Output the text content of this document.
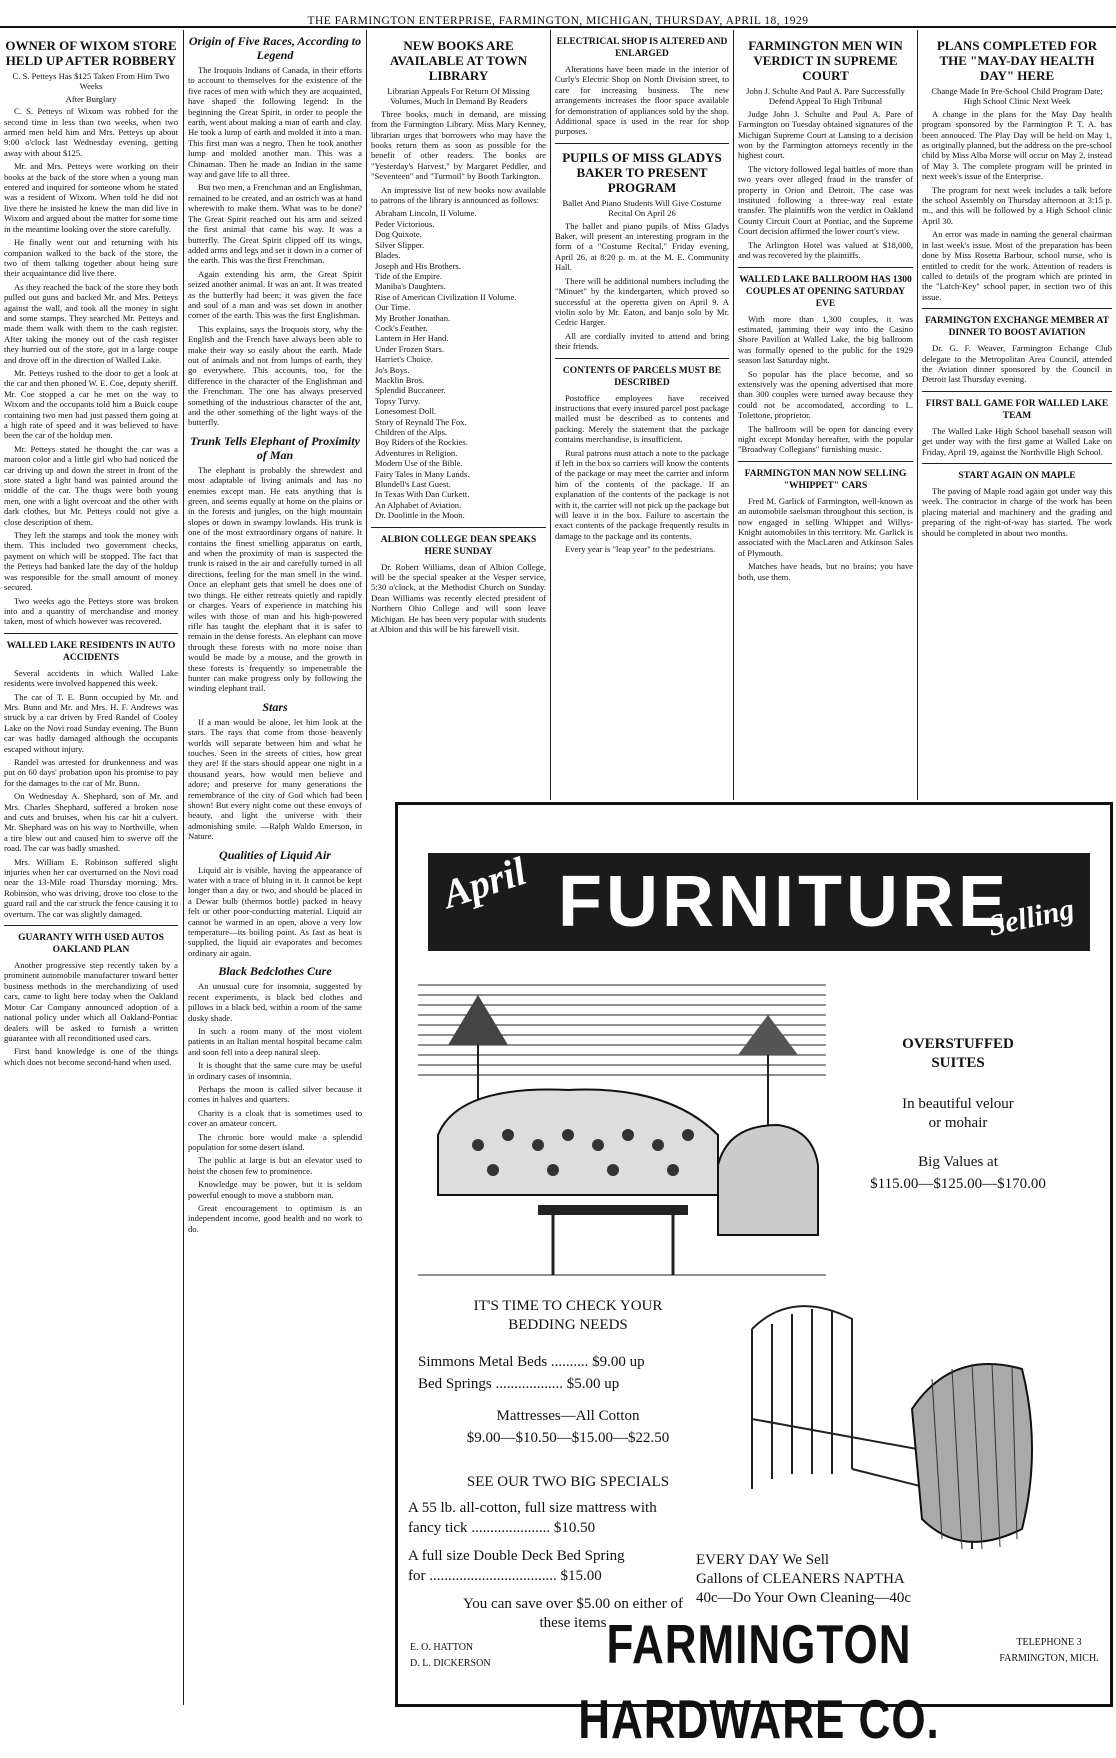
THE FARMINGTON ENTERPRISE, FARMINGTON, MICHIGAN, THURSDAY, APRIL 18, 1929
OWNER OF WIXOM STORE HELD UP AFTER ROBBERY
C. S. Petteys Has $125 Taken From Him Two Weeks
After Burglary

C. S. Petteys of Wixom was robbed for the second time in less than two weeks, when two armed men held him and Mrs. Petteys up about 9:00 o'clock last Wednesday evening, getting away with about $125.

Mr. and Mrs. Petteys were working on their books at the back of the store when a young man entered and inquired for someone whom he stated was a resident of Wixom. When told he did not live there he insisted he knew the man did live in Wixom and argued about the matter for some time in the meantime looking over the store carefully.

He finally went out and returning with his companion walked to the back of the store, the two of them talking together about being sure their acquaintance did live there.

As they reached the back of the store they both pulled out guns and backed Mr. and Mrs. Petteys against the wall, and took all the money in sight and some stamps. They searched Mr. Petteys and made them walk with them to the cash register. After taking the money out of the cash register they hurried out of the store, got in a large coupe and drove off in the direction of Walled Lake.

Mr. Petteys rushed to the door to get a look at the car and then phoned W. E. Coe, deputy sheriff. Mr. Coe stopped a car he met on the way to Wixom and the occupants told him a Buick coupe containing two men had just passed them going at a high rate of speed and it was believed to have been the car of the holdup men.

Mr. Petteys stated he thought the car was a maroon color and a little girl who had noticed the car driving up and down the street in front of the store stated a light band was painted around the middle of the car. The thugs were both young men, one with a light overcoat and the other with dark clothes, but Mr. Petteys could not give a close description of them.

They left the stamps and took the money with them. This included two government checks, payment on which will be stopped. The fact that the Petteys had banked late the day of the holdup was responsible for the small amount of money secured.

Two weeks ago the Petteys store was broken into and a quantity of merchandise and money taken, most of which however was recovered.

WALLED LAKE RESIDENTS IN AUTO ACCIDENTS

Several accidents in which Walled Lake residents were involved happened this week.

The car of T. E. Bunn occupied by Mr. and Mrs. Bunn and Mr. and Mrs. H. F. Andrews was struck by a car driven by Fred Randel of Cooley Lake on the Novi road Sunday evening. The Bunn car was badly damaged although the occupants escaped without injury.

Randel was arrested for drunkenness and was put on 60 days' probation upon his promise to pay for the damages to the car of Mr. Bunn.

On Wednesday A. Shephard, son of Mr. and Mrs. Charles Shephard, suffered a broken nose and cuts and bruises, when his car hit a culvert. Mr. Shephard was on his way to Northville, when a tire blew out and caused him to swerve off the road. The car was badly smashed.

Mrs. William E. Robinson suffered slight injuries when her car overturned on the Novi road near the 13-Mile road Thursday morning. Mrs. Robinson, who was driving, drove too close to the guard rail and the car struck the fence causing it to overturn. The car was slightly damaged.

GUARANTY WITH USED AUTOS OAKLAND PLAN

Another progressive step recently taken by a prominent automobile manufacturer toward better business methods in the merchandizing of used cars, came to light here today when the Oakland Motor Car Company announced adoption of a national policy under which all Oakland-Pontiac dealers will be asked to furnish a written guarantee with all reconditioned used cars.

First hand knowledge is one of the things which does not become second-hand when used.

Origin of Five Races, According to Legend

The Iroquois Indians of Canada, in their efforts to account to themselves for the existence of the five races of men with which they are acquainted, have shaped the following legend: In the beginning the Great Spirit, in order to people the earth, went about making a man of earth and clay. He took a lump of earth and molded it into a man. This first man was a negro. Then he took another lump and molded another man. This was a Chinaman. Then he made an Indian in the same way and gave life to all three.

But two men, a Frenchman and an Englishman, remained to be created, and an ostrich was at hand wherewith to make them. What was to be done? The Great Spirit reached out his arm and seized the first animal that came his way. It was a butterfly. The Great Spirit clipped off its wings, added arms and legs and set it down in a corner of the earth. This was the first Frenchman.

Again extending his arm, the Great Spirit seized another animal. It was an ant. It was treated as the butterfly had been; it was given the face and soul of a man and was set down in another corner of the earth. This was the first Englishman.

This explains, says the Iroquois story, why the English and the French have always been able to make their way so easily about the earth. Made out of animals and not from lumps of earth, they go everywhere. This accounts, too, for the difference in the character of the Englishman and the Frenchman. The one has always preserved something of the industrious character of the ant, and the other something of the light ways of the butterfly.

Trunk Tells Elephant of Proximity of Man

The elephant is probably the shrewdest and most adaptable of living animals and has no enemies except man. He eats anything that is green, and seems equally at home on the plains or in the forests and jungles, on the high mountain slopes or down in swampy lowlands. His trunk is one of the most extraordinary organs of nature. It contains the finest smelling apparatus on earth, and when the proximity of man is suspected the trunk is raised in the air and carefully turned in all directions, feeling for the man smell in the wind. Once an elephant gets that smell he does one of two things. He either retreats quietly and rapidly or charges. Years of experience in matching his wiles with those of man and his high-powered rifle has taught the elephant that it is safer to remain in the dense forests. An elephant can move through these forests with no more noise than would be made by a mouse, and the growth in these forests is frequently so impenetrable the hunter can make progress only by following the winding elephant trail.

Stars

If a man would be alone, let him look at the stars. The rays that come from those heavenly worlds will separate between him and what he touches. Seen in the streets of cities, how great they are! If the stars should appear one night in a thousand years, how would men believe and adore; and preserve for many generations the remembrance of the city of God which had been shown! But every night come out these envoys of beauty, and light the universe with their admonishing smile. —Ralph Waldo Emerson, in Nature.

Qualities of Liquid Air

Liquid air is visible, having the appearance of water with a trace of bluing in it. It cannot be kept longer than a day or two, and should be placed in a Dewar bulb (thermos bottle) packed in heavy felt or other poor-conducting material. Liquid air cannot be warmed in an open, above a very low temperature—its boiling point. As fast as heat is supplied, the liquid air evaporates and becomes ordinary air again.

Black Bedclothes Cure

An unusual cure for insomnia, suggested by recent experiments, is black bed clothes and pillows in a black bed, within a room of the same dusky shade.

In such a room many of the most violent patients in an Italian mental hospital became calm and soon fell into a deep natural sleep.

It is thought that the same cure may be useful in ordinary cases of insomnia.

Perhaps the moon is called silver because it comes in halves and quarters.

Charity is a cloak that is sometimes used to cover an amateur concert.

The chronic bore would make a splendid population for some desert island.

The public at large is but an elevator used to hoist the chosen few to prominence.

Knowledge may be power, but it is seldom powerful enough to move a stubborn man.

Great encouragement to optimism is an independent income, good health and no work to do.

NEW BOOKS ARE AVAILABLE AT TOWN LIBRARY
Librarian Appeals For Return Of Missing Volumes, Much In Demand By Readers

Three books, much in demand, are missing from the Farmington Library. Miss Mary Kenney, librarian urges that borrowers who may have the books return them as soon as possible for the benefit of other readers. The books are "Yesterday's Harvest," by Margaret Peddler, and "Seventeen" and "Turmoil" by Booth Tarkington.

An impressive list of new books now available to patrons of the library is announced as follows:

Abraham Lincoln, II Volume.
Peder Victorious.
Dog Quixote.
Silver Slipper.
Blades.
Joseph and His Brothers.
Tide of the Empire.
Maniba's Daughters.
Rise of American Civilization II Volume.
Our Time.
My Brother Jonathan.
Cock's Feather.
Lantern in Her Hand.
Under Frozen Stars.
Harriet's Choice.
Jo's Boys.
Macklin Bros.
Splendid Buccaneer.
Topsy Turvy.
Lonesomest Doll.
Story of Reynald The Fox.
Children of the Alps.
Boy Riders of the Rockies.
Adventures in Religion.
Modern Use of the Bible.
Fairy Tales in Many Lands.
Blundell's Last Guest.
In Texas With Dan Curkett.
An Alphabet of Aviation.
Dr. Doolittle in the Moon.
ALBION COLLEGE DEAN SPEAKS HERE SUNDAY

Dr. Robert Williams, dean of Albion College, will be the special speaker at the Vesper service, 5:30 o'clock, at the Methodist Church on Sunday. Dean Williams was recently elected president of Northern Ohio College and will soon leave Michigan. He has been very popular with students at Albion and this will be his farewell visit.

ELECTRICAL SHOP IS ALTERED AND ENLARGED

Alterations have been made in the interior of Curly's Electric Shop on North Division street, to care for increasing business. The new arrangements increases the floor space available for demonstration of appliances sold by the shop. Additional space is used in the rear for shop purposes.

PUPILS OF MISS GLADYS BAKER TO PRESENT PROGRAM
Ballet And Piano Students Will Give Costume Recital On April 26

The ballet and piano pupils of Miss Gladys Baker, will present an interesting program in the form of a "Costume Recital," Friday evening, April 26, at 8:20 p. m. at the M. E. Community Hall.

There will be additional numbers including the "Minuet" by the kindergarten, which proved so successful at the operetta given on April 9. A violin solo by Mr. Eaton, and banjo solo by Mr. Cedric Harger.

All are cordially invited to attend and bring their friends.

CONTENTS OF PARCELS MUST BE DESCRIBED

Postoffice employees have received instructions that every insured parcel post package mailed must be described as to contents and packing. Merely the statement that the package contains merchandise, is insufficient.

Rural patrons must attach a note to the package if left in the box so carriers will know the contents of the package or may meet the carrier and inform him of the contents of the package. If an explanation of the contents of the package is not with it, the carrier will not pick up the package but will leave it in the box. Failure to ascertain the exact contents of the package frequently results in damage to the package and its contents.

Every year is "leap year" to the pedestrians.

FARMINGTON MEN WIN VERDICT IN SUPREME COURT
John J. Schulte And Paul A. Pare Successfully Defend Appeal To High Tribunal

Judge John J. Schulte and Paul A. Pare of Farmington on Tuesday obtained signatures of the Michigan Supreme Court at Lansing to a decision won by the Farmington attorneys recently in the highest court.

The victory followed legal battles of more than two years over alleged fraud in the transfer of property in Orion and Detroit. The case was instituted following a three-way real estate transfer. The plaintiffs won the verdict in Oakland County Circuit Court at Pontiac, and the Supreme Court decision affirmed the lower court's view.

The Arlington Hotel was valued at $18,000, and was recovered by the plaintiffs.

WALLED LAKE BALLROOM HAS 1300 COUPLES AT OPENING SATURDAY EVE

With more than 1,300 couples, it was estimated, jamming their way into the Casino Shore Pavilion at Walled Lake, the big ballroom was formally opened to the public for the 1929 season last Saturday night.

So popular has the place become, and so extensively was the opening advertised that more than 300 couples were turned away because they could not be accomodated, according to L. Tolettone, proprietor.

The ballroom will be open for dancing every night except Monday hereafter, with the popular "Broadway Collegians" furnishing music.

FARMINGTON MAN NOW SELLING "WHIPPET" CARS

Fred M. Garlick of Farmington, well-known as an automobile saelsman throughout this section, is now engaged in selling Whippet and Willys-Knight automobiles in this territory. Mr. Garlick is associated with the MacLaren and Atkinson Sales of Plymouth.

Matches have heads, but no brains; you have both, use them.

PLANS COMPLETED FOR THE "MAY-DAY HEALTH DAY" HERE
Change Made In Pre-School Child Program Date; High School Clinic Next Week

A change in the plans for the May Day health program sponsored by the Farmington P. T. A. has been annouced. The Play Day will be held on May 1, as originally planned, but the address on the pre-school child by Miss Alba Morse will occur on May 2, instead of May 3. The complete program will be printed in next week's issue of the Enterprise.

The program for next week includes a talk before the school Assembly on Thursday afternoon at 3:15 p. m., and this will be followed by a High School clinic April 30.

An error was made in naming the general chairman in last week's issue. Most of the preparation has been done by Miss Rosetta Barbour, school nurse, who is entitled to credit for the work. Attention of readers is called to details of the program which are printed in the "Latch-Key" school paper, in section two of this issue.

FARMINGTON EXCHANGE MEMBER AT DINNER TO BOOST AVIATION

Dr. G. F. Weaver, Farmington Echange Club delegate to the Metropolitan Area Council, attended the Aviation dinner sponsored by the Council in Detroit last Thursday evening.

FIRST BALL GAME FOR WALLED LAKE TEAM

The Walled Lake High School baseball season will get under way with the first game at Walled Lake on Friday, April 19, against the Northville High School.

START AGAIN ON MAPLE

The paving of Maple road again got under way this week. The contractor in charge of the work has been placing material and machinery and the grading and preparing of the right-of-way has started. The work should be completed in about two months.

April FURNITURE
Selling
OVERSTUFFED
SUITES
In beautiful velour
or mohair
Big Values at
$115.00—$125.00—$170.00
IT'S TIME TO CHECK YOUR
BEDDING NEEDS
Simmons Metal Beds .......... $9.00 up
Bed Springs .................. $5.00 up
Mattresses—All Cotton
$9.00—$10.50—$15.00—$22.50
SEE OUR TWO BIG SPECIALS
A 55 lb. all-cotton, full size mattress with
fancy tick ..................... $10.50
A full size Double Deck Bed Spring
for .................................. $15.00
You can save over $5.00 on either of
these items
EVERY DAY We Sell
Gallons of CLEANERS NAPTHA
40c—Do Your Own Cleaning—40c
E. O. HATTON
D. L. DICKERSON	FARMINGTON HARDWARE CO.
TELEPHONE 3
FARMINGTON, MICH.
